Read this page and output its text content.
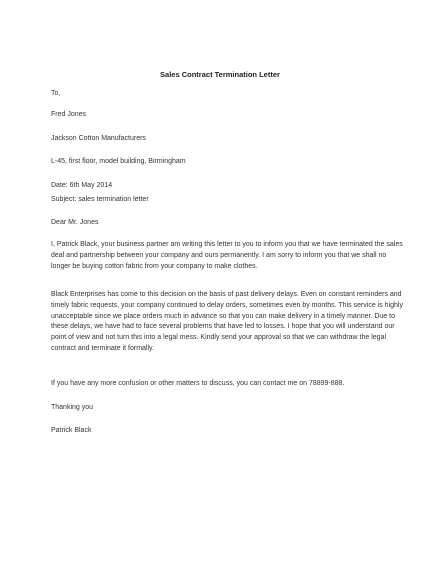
Sales Contract Termination Letter
To,
Fred Jones
Jackson Cotton Manufacturers
L-45, first floor, model building, Birmingham
Date: 6th May 2014
Subject: sales termination letter
Dear Mr. Jones
I, Patrick Black, your business partner am writing this letter to you to inform you that we have terminated the sales
deal and partnership between your company and ours permanently. I am sorry to inform you that we shall no
longer be buying cotton fabric from your company to make clothes.
Black Enterprises has come to this decision on the basis of past delivery delays. Even on constant reminders and
timely fabric requests, your company continued to delay orders, sometimes even by months. This service is highly
unacceptable since we place orders much in advance so that you can make delivery in a timely manner. Due to
these delays, we have had to face several problems that have led to losses. I hope that you will understand our
point of view and not turn this into a legal mess. Kindly send your approval so that we can withdraw the legal
contract and terminate it formally.
If you have any more confusion or other matters to discuss, you can contact me on 78899-888.
Thanking you
Patrick Black
